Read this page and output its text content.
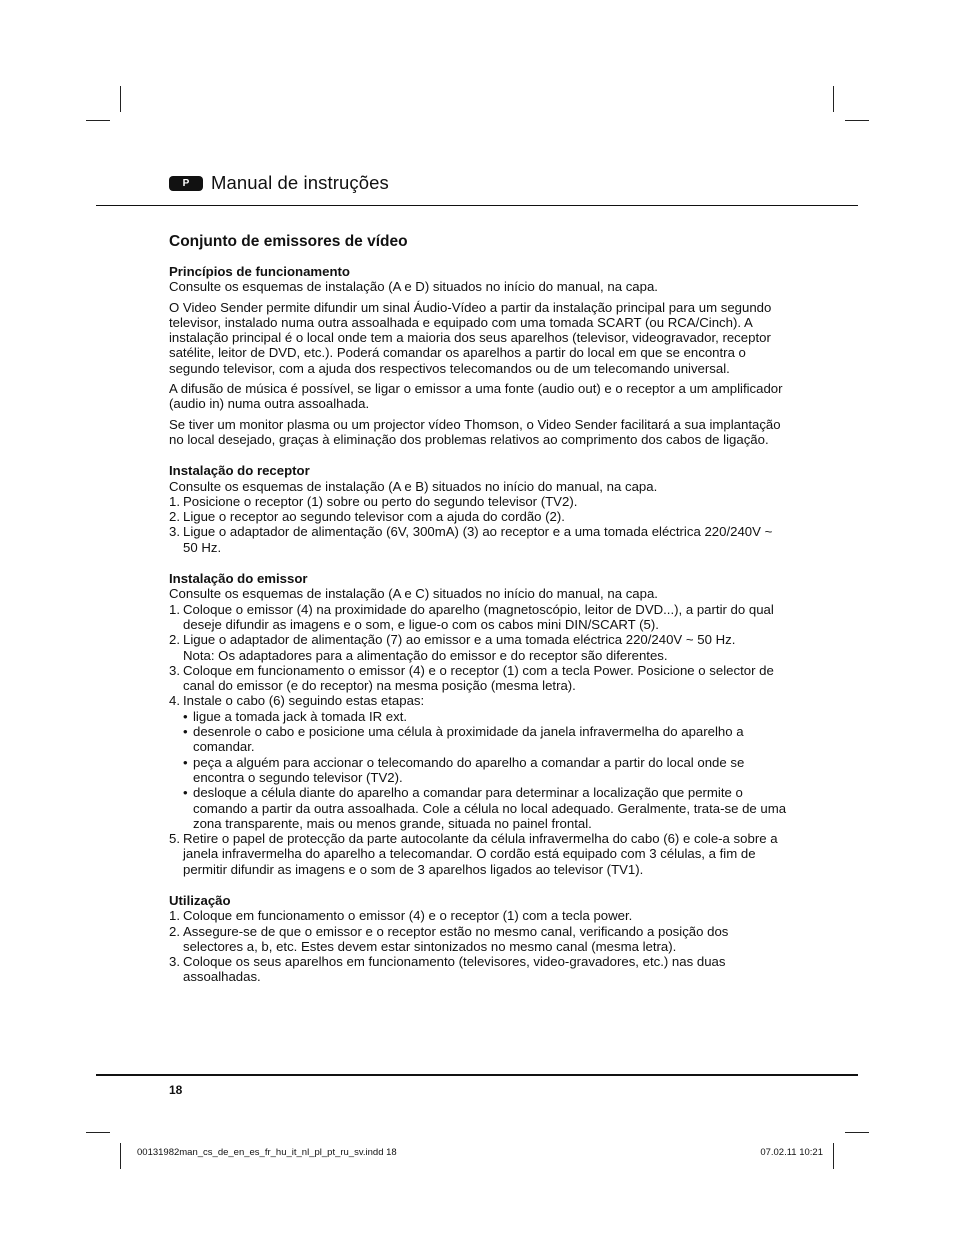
P	Manual de instruções
Conjunto de emissores de vídeo
Princípios de funcionamento

Consulte os esquemas de instalação (A e D) situados no início do manual, na capa.

O Video Sender permite difundir um sinal Áudio-Vídeo a partir da instalação principal para um segundo televisor, instalado numa outra assoalhada e equipado com uma tomada SCART (ou RCA/Cinch). A instalação principal é o local onde tem a maioria dos seus aparelhos (televisor, videogravador, receptor satélite, leitor de DVD, etc.). Poderá comandar os aparelhos a partir do local em que se encontra o segundo televisor, com a ajuda dos respectivos telecomandos ou de um telecomando universal.

A difusão de música é possível, se ligar o emissor a uma fonte (audio out) e o receptor a um amplificador (audio in) numa outra assoalhada.

Se tiver um monitor plasma ou um projector vídeo Thomson, o Video Sender facilitará a sua implantação no local desejado, graças à eliminação dos problemas relativos ao comprimento dos cabos de ligação.

Instalação do receptor
Consulte os esquemas de instalação (A e B) situados no início do manual, na capa.
1. Posicione o receptor (1) sobre ou perto do segundo televisor (TV2).
2. Ligue o receptor ao segundo televisor com a ajuda do cordão (2).
3. Ligue o adaptador de alimentação (6V, 300mA) (3) ao receptor e a uma tomada eléctrica 220/240V ~ 50 Hz.
Instalação do emissor
Consulte os esquemas de instalação (A e C) situados no início do manual, na capa.
1. Coloque o emissor (4) na proximidade do aparelho (magnetoscópio, leitor de DVD...), a partir do qual deseje difundir as imagens e o som, e ligue-o com os cabos mini DIN/SCART (5).
2. Ligue o adaptador de alimentação (7) ao emissor e a uma tomada eléctrica 220/240V ~ 50 Hz.
Nota: Os adaptadores para a alimentação do emissor e do receptor são diferentes.
3. Coloque em funcionamento o emissor (4) e o receptor (1) com a tecla Power. Posicione o selector de canal do emissor (e do receptor) na mesma posição (mesma letra).
4. Instale o cabo (6) seguindo estas etapas:
• ligue a tomada jack à tomada IR ext.
• desenrole o cabo e posicione uma célula à proximidade da janela infravermelha do aparelho a comandar.
• peça a alguém para accionar o telecomando do aparelho a comandar a partir do local onde se encontra o segundo televisor (TV2).
• desloque a célula diante do aparelho a comandar para determinar a localização que permite o comando a partir da outra assoalhada. Cole a célula no local adequado. Geralmente, trata-se de uma zona transparente, mais ou menos grande, situada no painel frontal.
5. Retire o papel de protecção da parte autocolante da célula infravermelha do cabo (6) e cole-a sobre a janela infravermelha do aparelho a telecomandar. O cordão está equipado com 3 células, a fim de permitir difundir as imagens e o som de 3 aparelhos ligados ao televisor (TV1).
Utilização
1. Coloque em funcionamento o emissor (4) e o receptor (1) com a tecla power.
2. Assegure-se de que o emissor e o receptor estão no mesmo canal, verificando a posição dos selectores a, b, etc. Estes devem estar sintonizados no mesmo canal (mesma letra).
3. Coloque os seus aparelhos em funcionamento (televisores, video-gravadores, etc.) nas duas assoalhadas.
18
00131982man_cs_de_en_es_fr_hu_it_nl_pl_pt_ru_sv.indd 18	07.02.11 10:21
